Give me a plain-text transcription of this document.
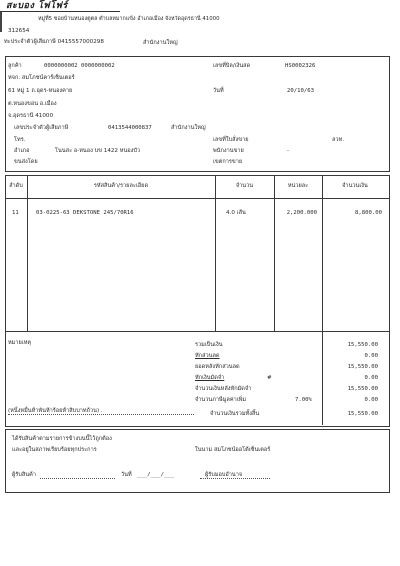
สะบอง โฟโฟร์
หมู่ที่5 ซอยบ้านหนองตูตล ตำบลหมากแข้ง อำเภอเมือง จังหวัดอุดรธานี 41000
312654
ทะประจำตัวผู้เสียภาษี 0415557000298	สำนักงานใหญ่
ลูกค้า	0000000002 0000000002
หจก. สมโภชน์คาร์เซ็นเตอร์
61 หมู่ 1 ถ.อุดร-หนองคาย
ต.หนองขอน อ.เมือง
จ.อุดรธานี 41000
เลขประจำตัวผู้เสียภาษี	0413544000837	สำนักงานใหญ่
โทร.
อำเภอ	โนนสะ อ-หนอง บข 1422 หนองบัว
ขนส่งโดย
เลขที่บิล/เงินสด	HS0002326
วันที่	20/10/63
เลขที่ใบสั่งขาย	ลวท.
พนักงานขาย	-
เขตการขาย
ลำดับ	รหัสสินค้า/รายละเอียด	จำนวน	หน่วยละ	จำนวนเงิน
11	03-0225-63 DEKSTONE 245/70R16	4.0 เส้น	2,200.000	8,800.00
หมายเหตุ	รวมเป็นเงิน	15,550.00
หักส่วนลด	0.00
ยอดหลังหักส่วนลด	15,550.00
หักเงินมัดจำ	#	0.00
จำนวนเงินหลังหักมัดจำ	15,550.00
จำนวนภาษีมูลค่าเพิ่ม	7.00%	0.00
(หนึ่งหมื่นห้าพันห้าร้อยห้าสิบบาทถ้วน) .	จำนวนเงินรวมทั้งสิ้น	15,550.00
ได้รับสินค้าตามรายการข้างบนนี้ไว้ถูกต้อง
และอยู่ในสภาพเรียบร้อยทุกประการ	ในนาม สมโภชน์ออโต้เซ็นเตอร์
ผู้รับสินค้า	วันที่ ___/___/___	ผู้รับมอบอำนาจ
